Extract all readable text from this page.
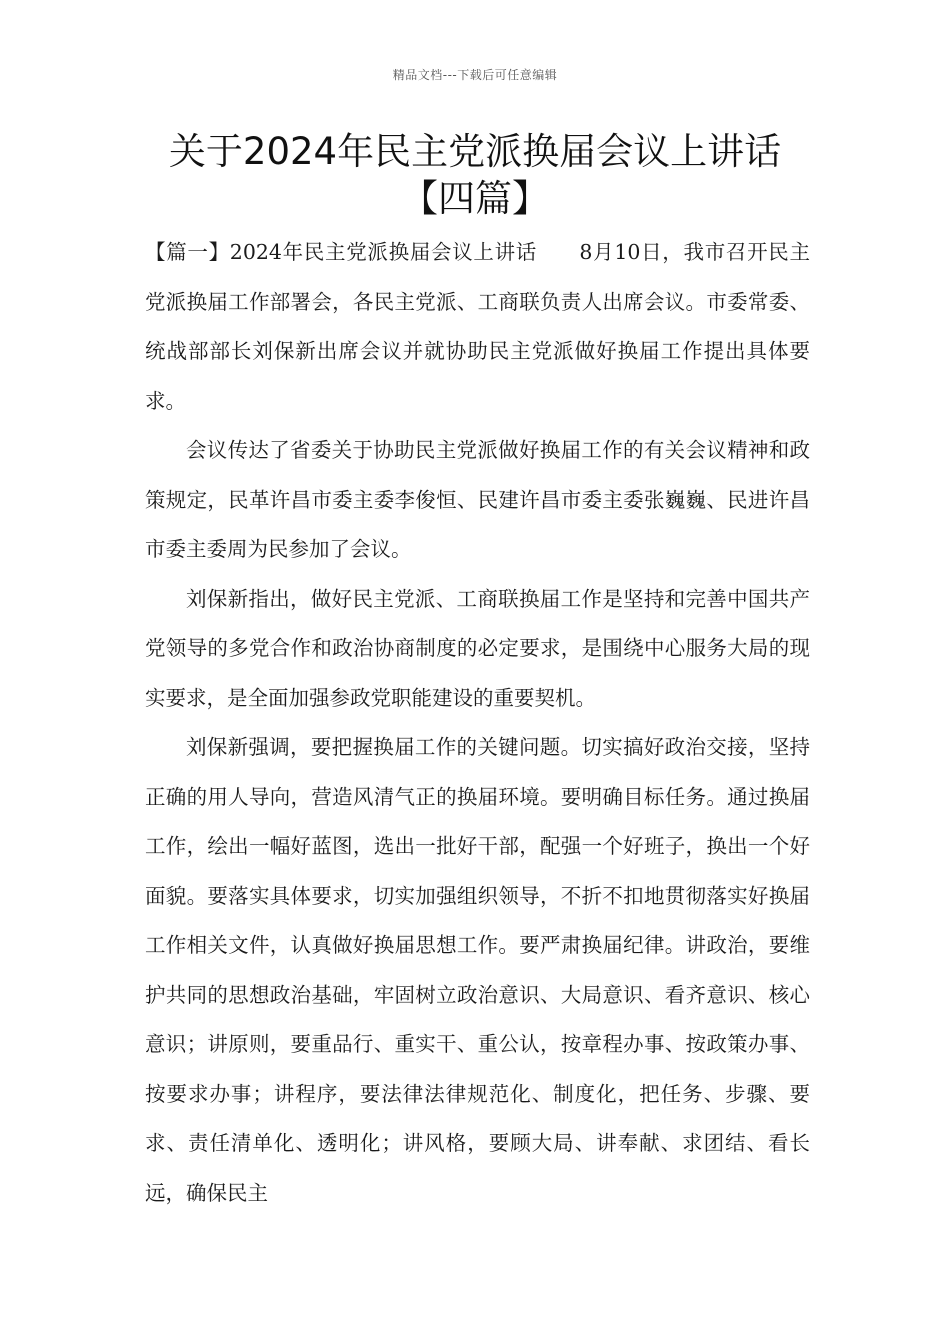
精品文档---下载后可任意编辑
关于2024年民主党派换届会议上讲话
【四篇】

【篇一】2024年民主党派换届会议上讲话　　8月10日，我市召开民主党派换届工作部署会，各民主党派、工商联负责人出席会议。市委常委、统战部部长刘保新出席会议并就协助民主党派做好换届工作提出具体要求。

会议传达了省委关于协助民主党派做好换届工作的有关会议精神和政策规定，民革许昌市委主委李俊恒、民建许昌市委主委张巍巍、民进许昌市委主委周为民参加了会议。

刘保新指出，做好民主党派、工商联换届工作是坚持和完善中国共产党领导的多党合作和政治协商制度的必定要求，是围绕中心服务大局的现实要求，是全面加强参政党职能建设的重要契机。

刘保新强调，要把握换届工作的关键问题。切实搞好政治交接，坚持正确的用人导向，营造风清气正的换届环境。要明确目标任务。通过换届工作，绘出一幅好蓝图，选出一批好干部，配强一个好班子，换出一个好面貌。要落实具体要求，切实加强组织领导，不折不扣地贯彻落实好换届工作相关文件，认真做好换届思想工作。要严肃换届纪律。讲政治，要维护共同的思想政治基础，牢固树立政治意识、大局意识、看齐意识、核心意识；讲原则，要重品行、重实干、重公认，按章程办事、按政策办事、按要求办事；讲程序，要法律法律规范化、制度化，把任务、步骤、要求、责任清单化、透明化；讲风格，要顾大局、讲奉献、求团结、看长远，确保民主
